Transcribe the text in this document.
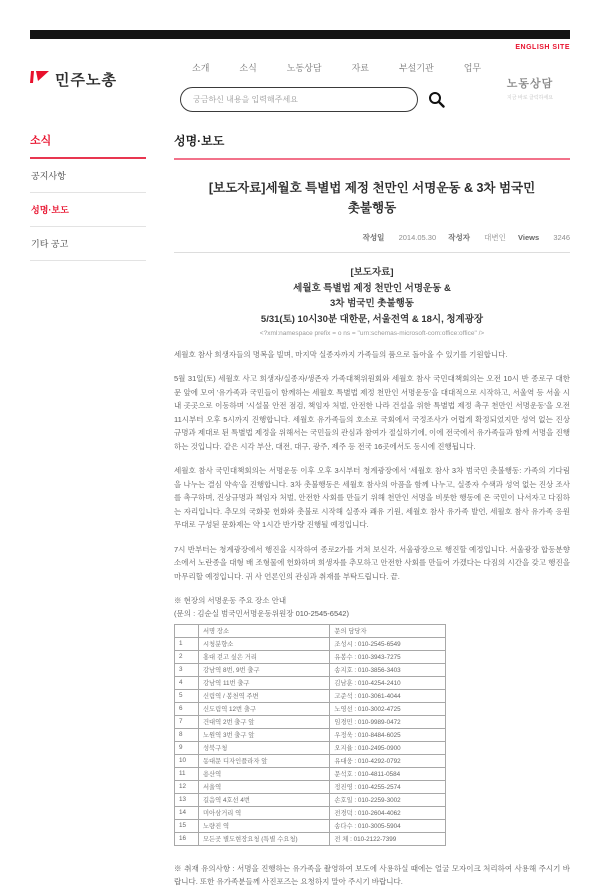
ENGLISH SITE
민주노총
소개	소식	노동상담	자료	부설기관	업무
궁금하신 내용을 입력해주세요
노동상담
지금 바로 클릭하세요
소식
공지사항
성명·보도
기타 공고
성명·보도
[보도자료]세월호 특별법 제정 천만인 서명운동 & 3차 범국민 촛불행동
작성일 2014.05.30 작성자 대변인 Views 3246
[보도자료]
세월호 특별법 제정 천만인 서명운동 &
3차 범국민 촛불행동
5/31(토) 10시30분 대한문, 서울전역 & 18시, 청계광장
<?xml:namespace prefix = o ns = "urn:schemas-microsoft-com:office:office" />

세월호 참사 희생자들의 명복을 빌며, 마지막 실종자까지 가족들의 품으로 돌아올 수 있기를 기원합니다.

5월 31일(토) 세월호 사고 희생자/실종자/생존자 가족대책위원회와 세월호 참사 국민대책회의는 오전 10시 반 종로구 대한문 앞에 모여 '유가족과 국민들이 함께하는 세월호 특별법 제정 천만인 서명운동'을 대대적으로 시작하고, 서울역 등 서울 시내 곳곳으로 이동하며 '시설물 안전 점검, 책임자 처벌, 안전한 나라 건설을 위한 특별법 제정 촉구 천만인 서명운동'을 오전 11시부터 오후 5시까지 진행합니다. 세월호 유가족들의 호소로 국회에서 국정조사가 어렵게 확정되었지만 성역 없는 진상규명과 제대로 된 특별법 제정을 위해서는 국민들의 관심과 참여가 절실하기에, 이에 전국에서 유가족들과 함께 서명을 진행하는 것입니다. 같은 시각 부산, 대전, 대구, 광주, 제주 등 전국 16곳에서도 동시에 진행됩니다.

세월호 참사 국민대책회의는 서명운동 이후 오후 3시부터 청계광장에서 '세월호 참사 3차 범국민 촛불행동: 가족의 기다림을 나누는 결심 약속'을 진행합니다. 3차 촛불행동은 세월호 참사의 아픔을 함께 나누고, 실종자 수색과 성역 없는 진상 조사를 촉구하며, 진상규명과 책임자 처벌, 안전한 사회를 만들기 위해 천만인 서명을 비롯한 행동에 온 국민이 나서자고 다짐하는 자리입니다. 추모의 국화꽃 헌화와 촛불로 시작해 실종자 쾌유 기원, 세월호 참사 유가족 발언, 세월호 참사 유가족 응원 무대로 구성된 문화제는 약 1시간 반가량 진행될 예정입니다.

7시 반부터는 청계광장에서 행진을 시작하여 종로2가를 거쳐 보신각, 서울광장으로 행진할 예정입니다. 서울광장 합동분향소에서 노란종을 대형 배 조형물에 헌화하며 희생자를 추모하고 안전한 사회를 만들어 가겠다는 다짐의 시간을 갖고 행진을 마무리할 예정입니다. 귀 사 언론인의 관심과 취재를 부탁드립니다. 끝.

※ 현장의 서명운동 주요 장소 안내
(문의 : 김순실 범국민서명운동위원장 010-2545-6542)
	서명 장소	문의 담당자
1	시청분향소	조성시 : 010-2545-6549
2	홍대 걷고 싶은 거리	유봉수 : 010-3943-7275
3	강남역 8번, 9번 출구	송지호 : 010-3856-3403
4	강남역 11번 출구	김남훈 : 010-4254-2410
5	신림역 / 봉천역 주변	고준석 : 010-3061-4044
6	신도림역 12번 출구	노영선 : 010-3002-4725
7	건대역 2번 출구 앞	임경민 : 010-9989-0472
8	노원역 3번 출구 앞	우정욱 : 010-8484-6025
9	성북구청	오지율 : 010-2495-0900
10	동대문 디자인플라자 앞	유대웅 : 010-4292-0792
11	용산역	문석호 : 010-4811-0584
12	서울역	정진영 : 010-4255-2574
13	길음역 4호선 4번	손호일 : 010-2259-3002
14	미아삼거리 역	전경덕 : 010-2604-4062
15	노량진 역	송다수 : 010-3005-5904
16	모든곳 별도현장요청 (특별 수요청)	전 체 : 010-2122-7399
※ 취재 유의사항 : 서명을 진행하는 유가족을 촬영하여 보도에 사용하실 때에는 얼굴 모자이크 처리하여 사용해 주시기 바랍니다. 또한 유가족분들께 사진포즈는 요청하지 말아 주시기 바랍니다.
